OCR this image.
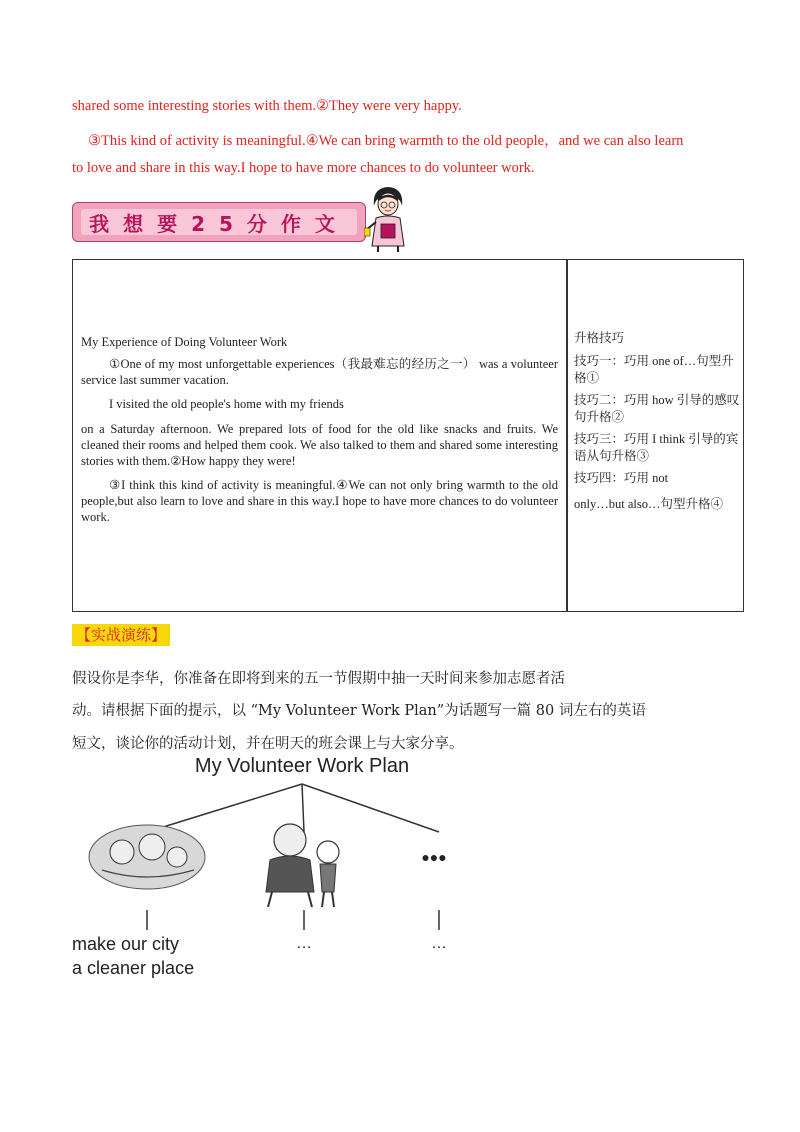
shared some interesting stories with them.②They were very happy.
③This kind of activity is meaningful.④We can bring warmth to the old people，and we can also learn
to love and share in this way.I hope to have more chances to do volunteer work.
我想要25分作文

My Experience of Doing Volunteer Work

①One of my most unforgettable experiences（我最难忘的经历之一） was a volunteer service last summer vacation.

I visited the old people's home with my friends

on a Saturday afternoon. We prepared lots of food for the old like snacks and fruits. We cleaned their rooms and helped them cook. We also talked to them and shared some interesting stories with them.②How happy they were!

③I think this kind of activity is meaningful.④We can not only bring warmth to the old people,but also learn to love and share in this way.I hope to have more chances to do volunteer work.

升格技巧

技巧一：巧用 one of…句型升格①

技巧二：巧用 how 引导的感叹句升格②

技巧三：巧用 I think 引导的宾语从句升格③

技巧四：巧用 not

only…but also…句型升格④

【实战演练】
假设你是李华，你准备在即将到来的五一节假期中抽一天时间来参加志愿者活
动。请根据下面的提示，以 “My Volunteer Work Plan”为话题写一篇 80 词左右的英语
短文，谈论你的活动计划，并在明天的班会课上与大家分享。
My Volunteer Work Plan
●●●
make our city
a cleaner place
…	…
